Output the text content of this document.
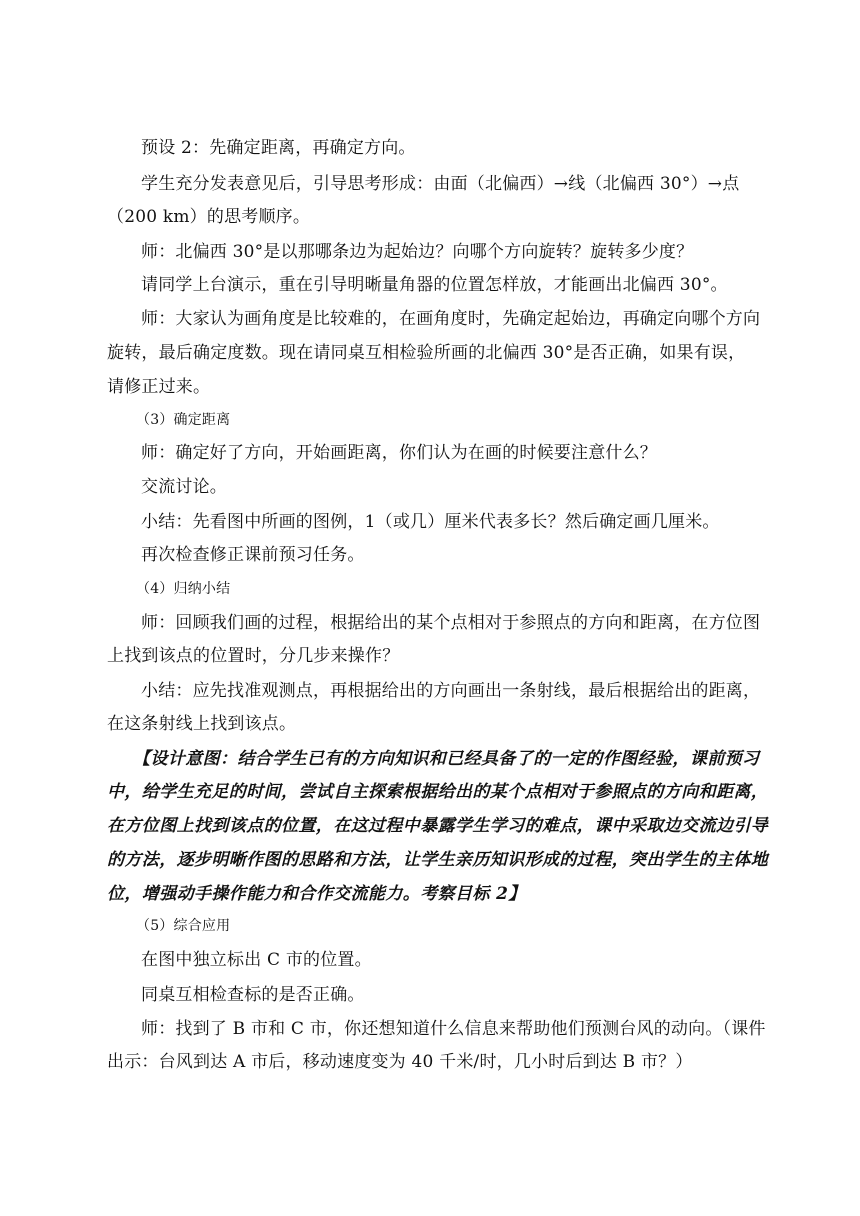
预设 2：先确定距离，再确定方向。
学生充分发表意见后，引导思考形成：由面（北偏西）→线（北偏西 30°）→点
（200 km）的思考顺序。
师：北偏西 30°是以那哪条边为起始边？向哪个方向旋转？旋转多少度？
请同学上台演示，重在引导明晰量角器的位置怎样放，才能画出北偏西 30°。
师：大家认为画角度是比较难的，在画角度时，先确定起始边，再确定向哪个方向
旋转，最后确定度数。现在请同桌互相检验所画的北偏西 30°是否正确，如果有误，
请修正过来。
（3）确定距离
师：确定好了方向，开始画距离，你们认为在画的时候要注意什么？
交流讨论。
小结：先看图中所画的图例，1（或几）厘米代表多长？然后确定画几厘米。
再次检查修正课前预习任务。
（4）归纳小结
师：回顾我们画的过程，根据给出的某个点相对于参照点的方向和距离，在方位图
上找到该点的位置时，分几步来操作？
小结：应先找准观测点，再根据给出的方向画出一条射线，最后根据给出的距离，
在这条射线上找到该点。
【设计意图：结合学生已有的方向知识和已经具备了的一定的作图经验，课前预习
中，给学生充足的时间，尝试自主探索根据给出的某个点相对于参照点的方向和距离，
在方位图上找到该点的位置，在这过程中暴露学生学习的难点，课中采取边交流边引导
的方法，逐步明晰作图的思路和方法，让学生亲历知识形成的过程，突出学生的主体地
位，增强动手操作能力和合作交流能力。考察目标 2】
（5）综合应用
在图中独立标出 C 市的位置。
同桌互相检查标的是否正确。
师：找到了 B 市和 C 市，你还想知道什么信息来帮助他们预测台风的动向。（课件
出示：台风到达 A 市后，移动速度变为 40 千米/时，几小时后到达 B 市？）
